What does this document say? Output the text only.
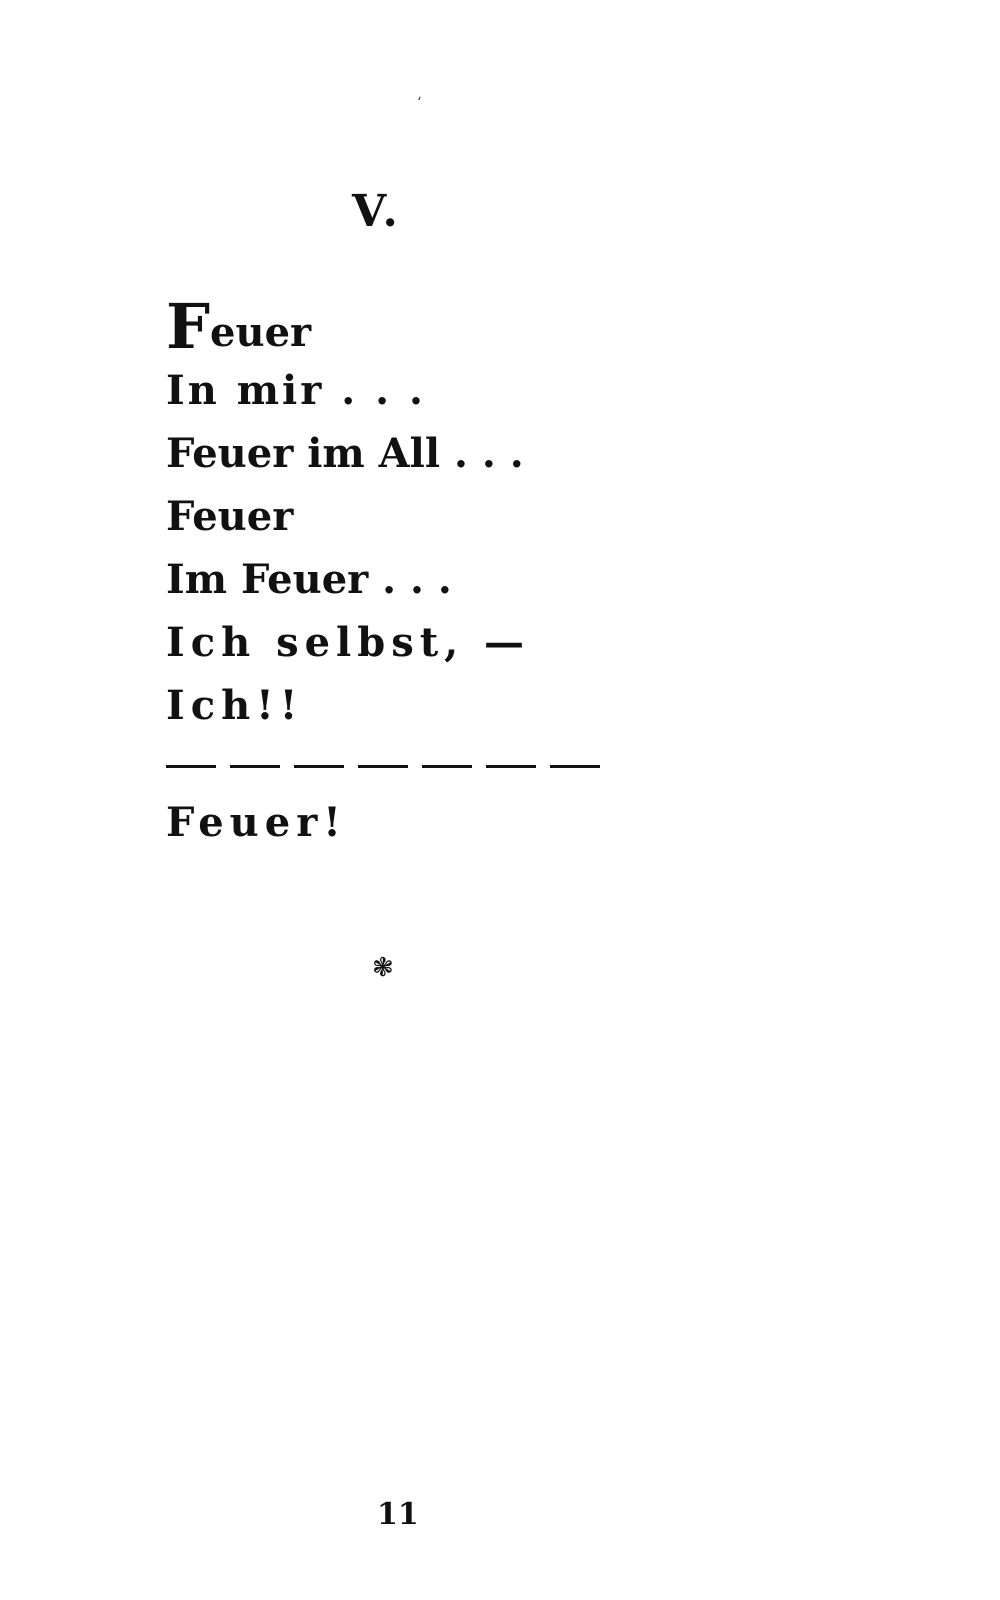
‘
V.
Feuer
In mir . . .
Feuer im All . . .
Feuer
Im Feuer . . .
Ich selbst, —
Ich!!
Feuer!
❃
11
